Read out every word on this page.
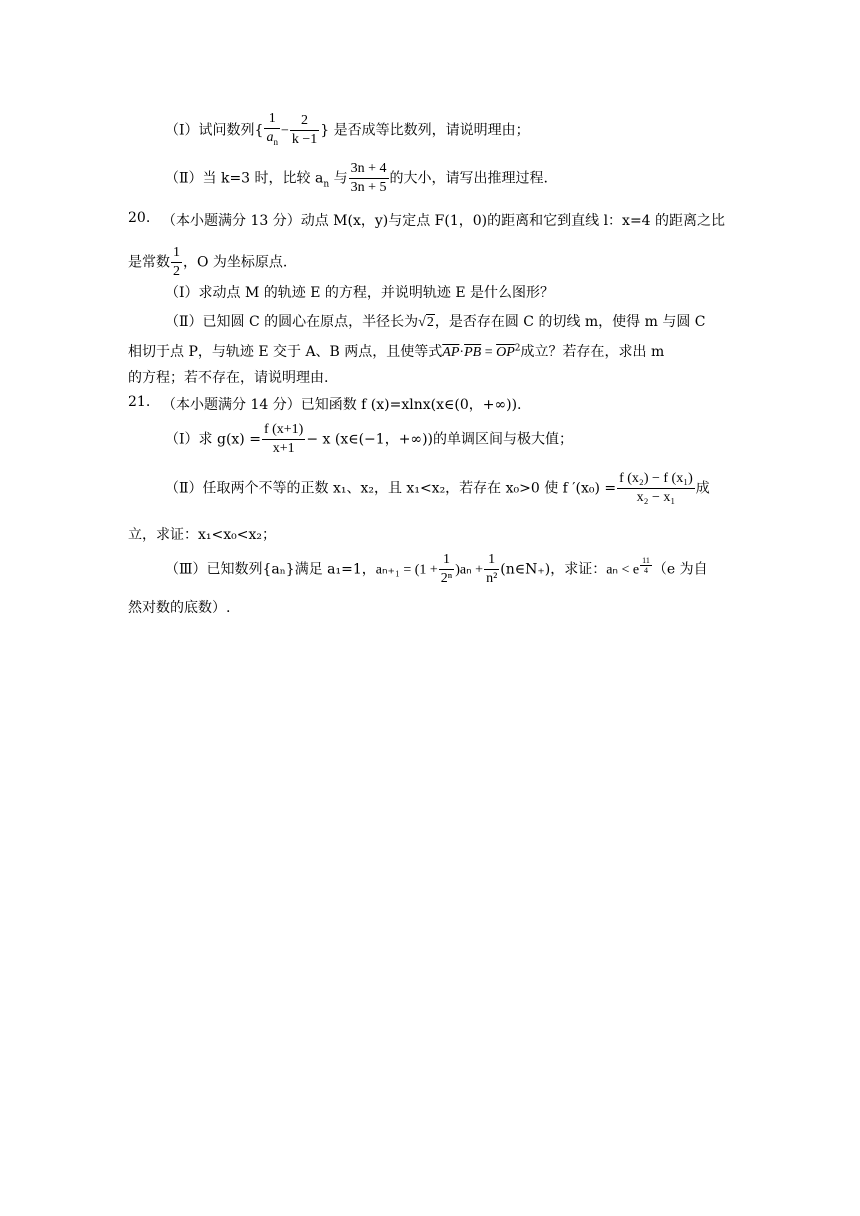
（Ⅰ）试问数列{ $\frac{1}{a_n} - \frac{2}{k -1}$ } 是否成等比数列，请说明理由；
（Ⅱ）当 k=3 时，比较 $a_n$ 与 $\frac{3n + 4}{3n + 5}$ 的大小，请写出推理过程.
20. （本小题满分 13 分）动点 M(x，y)与定点 F(1，0)的距离和它到直线 l：x=4 的距离之比
是常数 $\frac{1}{2}$ ，O 为坐标原点.
（Ⅰ）求动点 M 的轨迹 E 的方程，并说明轨迹 E 是什么图形？
（Ⅱ）已知圆 C 的圆心在原点，半径长为√2，是否存在圆 C 的切线 m，使得 m 与圆 C
相切于点 P，与轨迹 E 交于 A、B 两点，且使等式$\overline{AP}\cdot\overline{PB} = \overline{OP}^2$成立？若存在，求出 m
的方程；若不存在，请说明理由.
21. （本小题满分 14 分）已知函数 f (x)=xlnx(x∈(0，+∞)).
（Ⅰ）求 $g(x) = \frac{f (x+1)}{x+1} - x$ (x∈(−1，+∞))的单调区间与极大值；
（Ⅱ）任取两个不等的正数 x₁、x₂，且 x₁<x₂，若存在 x₀>0 使 f $'(x_0) = \frac{\text{f (x₂) − f (x₁)}}{\text{x₂ − x₁}}$ 成
立，求证：x₁<x₀<x₂；
（Ⅲ）已知数列{aₙ}满足 a₁=1，$a_{n+1} = (1 + \frac{1}{\text{2ⁿ}} )a_n + \frac{1}{\text{n²}}$ (n∈N₊)，求证：aₙ < e $^{\frac{11}{4}}$ （e 为自
然对数的底数）.
